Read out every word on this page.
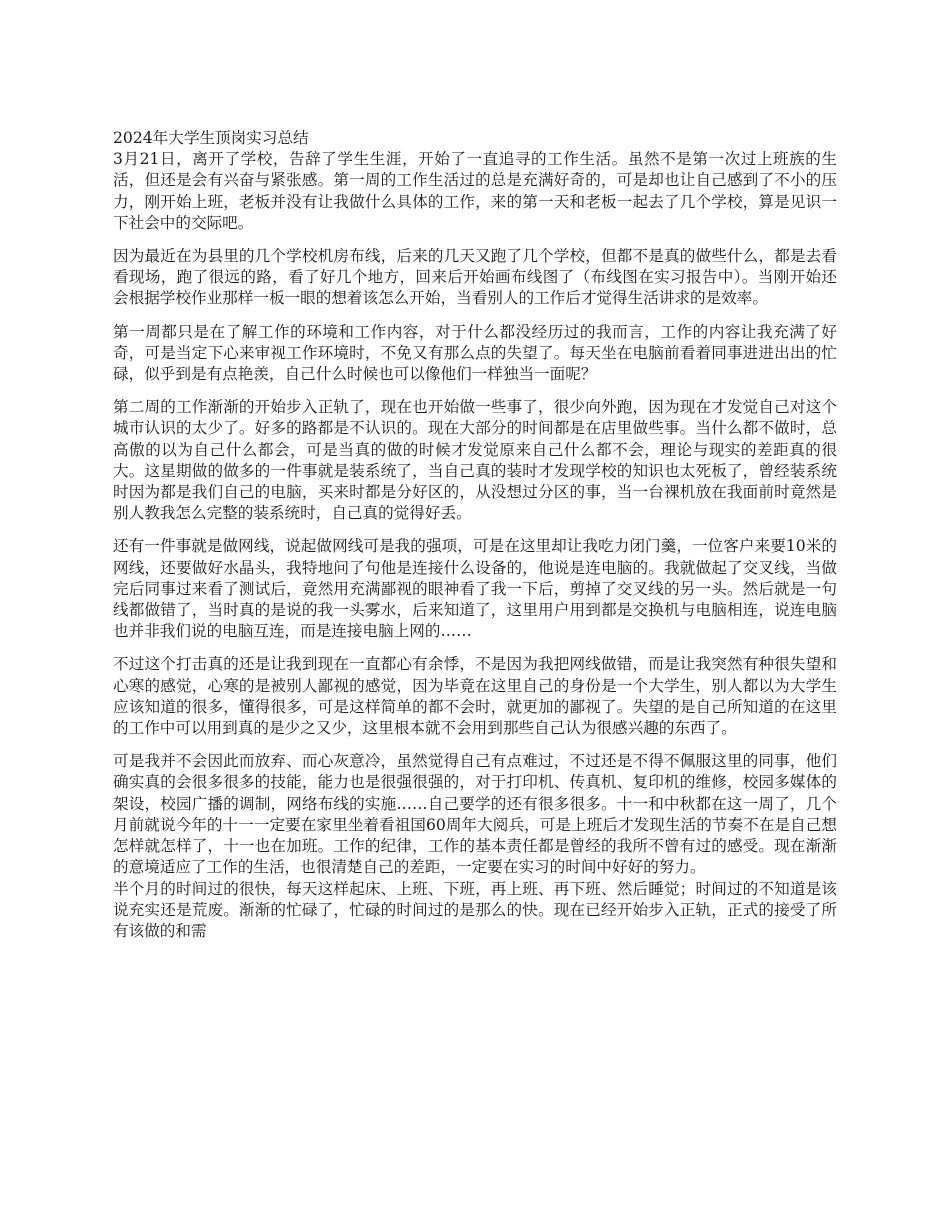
2024年大学生顶岗实习总结

3月21日，离开了学校，告辞了学生生涯，开始了一直追寻的工作生活。虽然不是第一次过上班族的生活，但还是会有兴奋与紧张感。第一周的工作生活过的总是充满好奇的，可是却也让自己感到了不小的压力，刚开始上班，老板并没有让我做什么具体的工作，来的第一天和老板一起去了几个学校，算是见识一下社会中的交际吧。

因为最近在为县里的几个学校机房布线，后来的几天又跑了几个学校，但都不是真的做些什么，都是去看看现场，跑了很远的路，看了好几个地方，回来后开始画布线图了（布线图在实习报告中）。当刚开始还会根据学校作业那样一板一眼的想着该怎么开始，当看别人的工作后才觉得生活讲求的是效率。

第一周都只是在了解工作的环境和工作内容，对于什么都没经历过的我而言，工作的内容让我充满了好奇，可是当定下心来审视工作环境时，不免又有那么点的失望了。每天坐在电脑前看着同事进进出出的忙碌，似乎到是有点艳羡，自己什么时候也可以像他们一样独当一面呢？

第二周的工作渐渐的开始步入正轨了，现在也开始做一些事了，很少向外跑，因为现在才发觉自己对这个城市认识的太少了。好多的路都是不认识的。现在大部分的时间都是在店里做些事。当什么都不做时，总高傲的以为自己什么都会，可是当真的做的时候才发觉原来自己什么都不会，理论与现实的差距真的很大。这星期做的做多的一件事就是装系统了，当自己真的装时才发现学校的知识也太死板了，曾经装系统时因为都是我们自己的电脑，买来时都是分好区的，从没想过分区的事，当一台裸机放在我面前时竟然是别人教我怎么完整的装系统时，自己真的觉得好丢。

还有一件事就是做网线，说起做网线可是我的强项，可是在这里却让我吃力闭门羹，一位客户来要10米的网线，还要做好水晶头，我特地问了句他是连接什么设备的，他说是连电脑的。我就做起了交叉线，当做完后同事过来看了测试后，竟然用充满鄙视的眼神看了我一下后，剪掉了交叉线的另一头。然后就是一句线都做错了，当时真的是说的我一头雾水，后来知道了，这里用户用到都是交换机与电脑相连，说连电脑也并非我们说的电脑互连，而是连接电脑上网的……

不过这个打击真的还是让我到现在一直都心有余悸，不是因为我把网线做错，而是让我突然有种很失望和心寒的感觉，心寒的是被别人鄙视的感觉，因为毕竟在这里自己的身份是一个大学生，别人都以为大学生应该知道的很多，懂得很多，可是这样简单的都不会时，就更加的鄙视了。失望的是自己所知道的在这里的工作中可以用到真的是少之又少，这里根本就不会用到那些自己认为很感兴趣的东西了。

可是我并不会因此而放弃、而心灰意冷，虽然觉得自己有点难过，不过还是不得不佩服这里的同事，他们确实真的会很多很多的技能，能力也是很强很强的，对于打印机、传真机、复印机的维修，校园多媒体的架设，校园广播的调制，网络布线的实施……自己要学的还有很多很多。十一和中秋都在这一周了，几个月前就说今年的十一一定要在家里坐着看祖国60周年大阅兵，可是上班后才发现生活的节奏不在是自己想怎样就怎样了，十一也在加班。工作的纪律，工作的基本责任都是曾经的我所不曾有过的感受。现在渐渐的意境适应了工作的生活，也很清楚自己的差距，一定要在实习的时间中好好的努力。

半个月的时间过的很快，每天这样起床、上班、下班，再上班、再下班、然后睡觉；时间过的不知道是该说充实还是荒废。渐渐的忙碌了，忙碌的时间过的是那么的快。现在已经开始步入正轨，正式的接受了所有该做的和需
